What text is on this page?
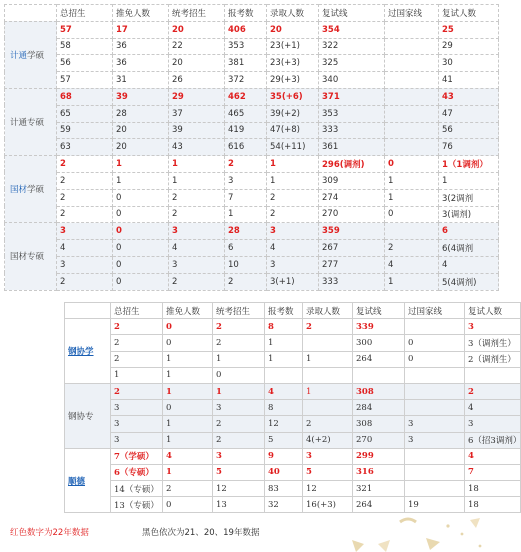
	总招生	推免人数	统考招生	报考数	录取人数	复试线	过国家线	复试人数
计通学硕	57	17	20	406	20	354		25
	58	36	22	353	23(+1)	322		29
	56	36	20	381	23(+3)	325		30
	57	31	26	372	29(+3)	340		41
计通专硕	68	39	29	462	35(+6)	371		43
	65	28	37	465	39(+2)	353		47
	59	20	39	419	47(+8)	333		56
	63	20	43	616	54(+11)	361		76
国材学硕	2	1	1	2	1	296(调剂)	0	1（1调剂）
	2	1	1	3	1	309	1	1
	2	0	2	7	2	274	1	3(2调剂
	2	0	2	1	2	270	0	3(调剂)
国材专硕	3	0	3	28	3	359		6
	4	0	4	6	4	267	2	6(4调剂
	3	0	3	10	3	277	4	4
	2	0	2	2	3(+1)	333	1	5(4调剂)
	总招生	推免人数	统考招生	报考数	录取人数	复试线	过国家线	复试人数
钢协学	2	0	2	8	2	339		3
	2	0	2	1		300	0	3（调剂生）
	2	1	1	1	1	264	0	2（调剂生）
	1	1	0					
钢协专	2	1	1	4	1	308		2
	3	0	3	8		284		4
	3	1	2	12	2	308	3	3
	3	1	2	5	4(+2)	270	3	6（招3调剂）
顺德	7（学硕）	4	3	9	3	299		4
	6（专硕）	1	5	40	5	316		7
	14（专硕）	2	12	83	12	321		18
	13（专硕）	0	13	32	16(+3)	264	19	18
红色数字为22年数据	黑色依次为21、20、19年数据
